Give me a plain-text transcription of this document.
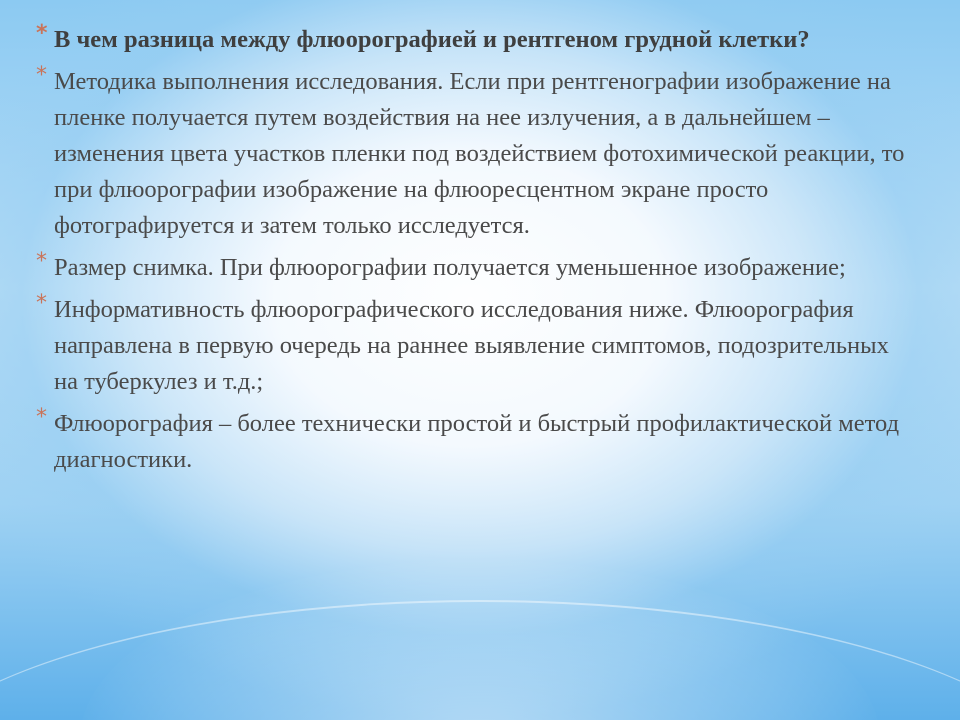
* В чем разница между флюорографией и рентгеном грудной клетки?
* Методика выполнения исследования. Если при рентгенографии изображение на пленке получается путем воздействия на нее излучения, а в дальнейшем – изменения цвета участков пленки под воздействием фотохимической реакции, то при флюорографии изображение на флюоресцентном экране просто фотографируется и затем только исследуется.
* Размер снимка. При флюорографии получается уменьшенное изображение;
* Информативность флюорографического исследования ниже. Флюорография направлена в первую очередь на раннее выявление симптомов, подозрительных на туберкулез и т.д.;
* Флюорография – более технически простой и быстрый профилактической метод диагностики.
